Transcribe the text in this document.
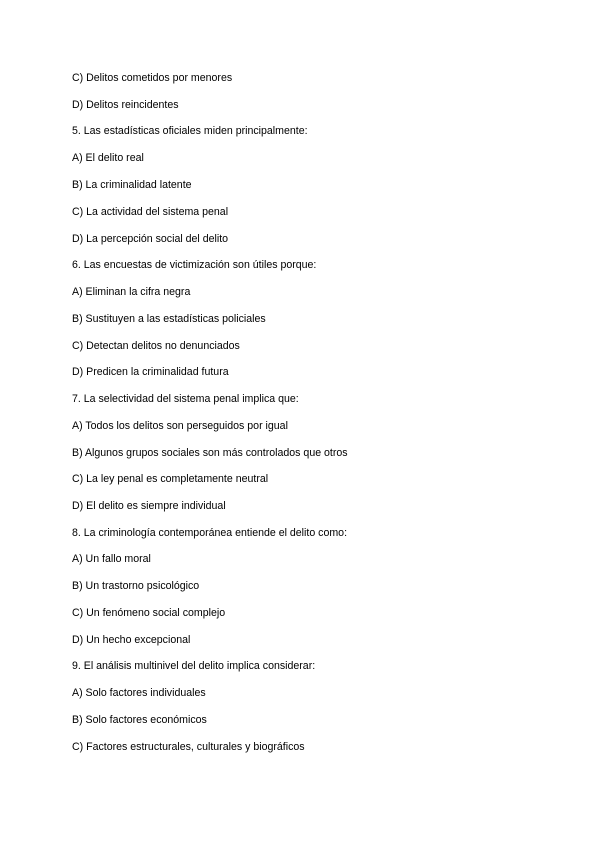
C) Delitos cometidos por menores
D) Delitos reincidentes
5. Las estadísticas oficiales miden principalmente:
A) El delito real
B) La criminalidad latente
C) La actividad del sistema penal
D) La percepción social del delito
6. Las encuestas de victimización son útiles porque:
A) Eliminan la cifra negra
B) Sustituyen a las estadísticas policiales
C) Detectan delitos no denunciados
D) Predicen la criminalidad futura
7. La selectividad del sistema penal implica que:
A) Todos los delitos son perseguidos por igual
B) Algunos grupos sociales son más controlados que otros
C) La ley penal es completamente neutral
D) El delito es siempre individual
8. La criminología contemporánea entiende el delito como:
A) Un fallo moral
B) Un trastorno psicológico
C) Un fenómeno social complejo
D) Un hecho excepcional
9. El análisis multinivel del delito implica considerar:
A) Solo factores individuales
B) Solo factores económicos
C) Factores estructurales, culturales y biográficos
